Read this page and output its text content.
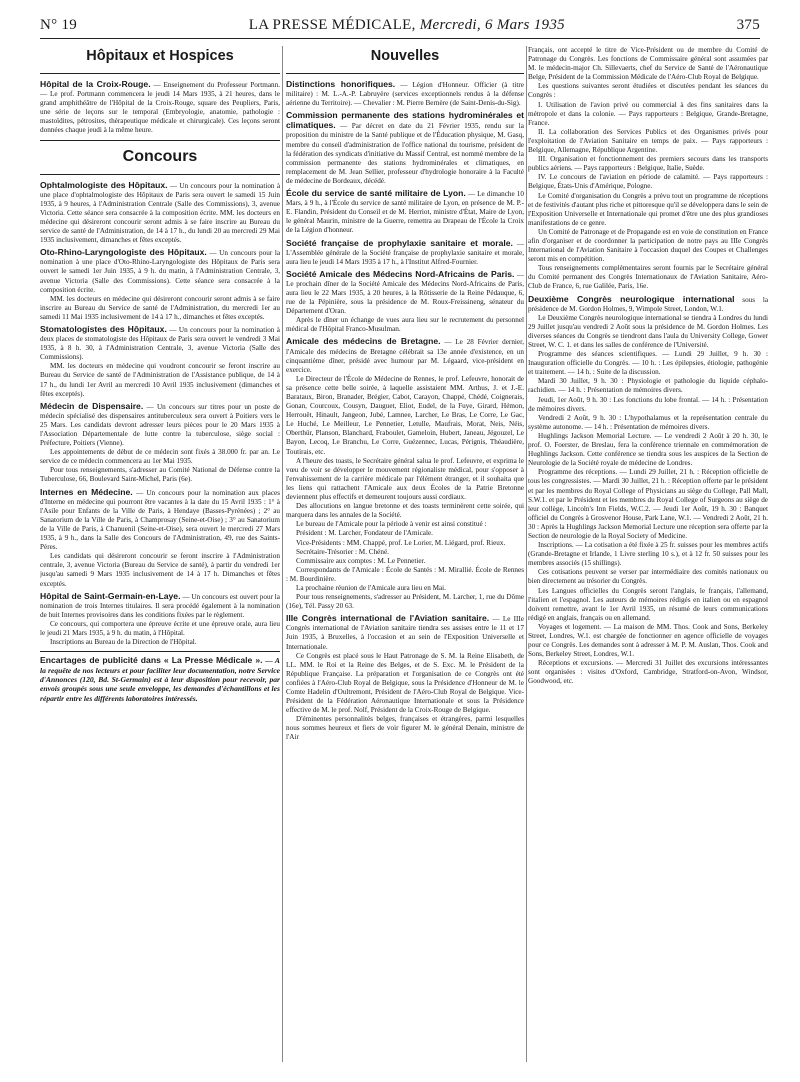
N° 19	LA PRESSE MÉDICALE, Mercredi, 6 Mars 1935	375
Hôpitaux et Hospices

Hôpital de la Croix-Rouge. — Enseignement du Professeur Portmann. — Le prof. Portmann commencera le jeudi 14 Mars 1935, à 21 heures, dans le grand amphithéâtre de l'Hôpital de la Croix-Rouge, square des Peupliers, Paris, une série de leçons sur le temporal (Embryologie, anatomie, pathologie : mastoïdites, pétrosites, thérapeutique médicale et chirurgicale). Ces leçons seront données chaque jeudi à la même heure.

Concours

Ophtalmologiste des Hôpitaux. — Un concours pour la nomination à une place d'ophtalmologiste des Hôpitaux de Paris sera ouvert le samedi 15 Juin 1935, à 9 heures, à l'Administration Centrale (Salle des Commissions), 3, avenue Victoria. Cette séance sera consacrée à la composition écrite. MM. les docteurs en médecine qui désireront concourir seront admis à se faire inscrire au Bureau du service de santé de l'Administration, de 14 à 17 h., du lundi 20 au mercredi 29 Mai 1935 inclusivement, dimanches et fêtes exceptés.

Oto-Rhino-Laryngologiste des Hôpitaux. — Un concours pour la nomination à une place d'Oto-Rhino-Laryngologiste des Hôpitaux de Paris sera ouvert le samedi 1er Juin 1935, à 9 h. du matin, à l'Administration Centrale, 3, avenue Victoria (Salle des Commissions). Cette séance sera consacrée à la composition écrite.

MM. les docteurs en médecine qui désireront concourir seront admis à se faire inscrire au Bureau du Service de santé de l'Administration, du mercredi 1er au samedi 11 Mai 1935 inclusivement de 14 à 17 h., dimanches et fêtes exceptés.

Stomatologistes des Hôpitaux. — Un concours pour la nomination à deux places de stomatologiste des Hôpitaux de Paris sera ouvert le vendredi 3 Mai 1935, à 8 h. 30, à l'Administration Centrale, 3, avenue Victoria (Salle des Commissions).

MM. les docteurs en médecine qui voudront concourir se feront inscrire au Bureau du Service de santé de l'Administration de l'Assistance publique, de 14 à 17 h., du lundi 1er Avril au mercredi 10 Avril 1935 inclusivement (dimanches et fêtes exceptés).

Médecin de Dispensaire. — Un concours sur titres pour un poste de médecin spécialisé des dispensaires antituberculeux sera ouvert à Poitiers vers le 25 Mars. Les candidats devront adresser leurs pièces pour le 20 Mars 1935 à l'Association Départementale de lutte contre la tuberculose, siège social : Préfecture, Poitiers (Vienne).

Les appointements de début de ce médecin sont fixés à 38.000 fr. par an. Le service de ce médecin commencera au 1er Mai 1935.

Pour tous renseignements, s'adresser au Comité National de Défense contre la Tuberculose, 66, Boulevard Saint-Michel, Paris (6e).

Internes en Médecine. — Un concours pour la nomination aux places d'Interne en médecine qui pourront être vacantes à la date du 15 Avril 1935 : 1° à l'Asile pour Enfants de la Ville de Paris, à Hendaye (Basses-Pyrénées) ; 2° au Sanatorium de la Ville de Paris, à Champrosay (Seine-et-Oise) ; 3° au Sanatorium de la Ville de Paris, à Chanuenil (Seine-et-Oise), sera ouvert le mercredi 27 Mars 1935, à 9 h., dans la Salle des Concours de l'Administration, 49, rue des Saints-Pères.

Les candidats qui désireront concourir se feront inscrire à l'Administration centrale, 3, avenue Victoria (Bureau du Service de santé), à partir du vendredi 1er jusqu'au samedi 9 Mars 1935 inclusivement de 14 à 17 h. Dimanches et fêtes exceptés.

Hôpital de Saint-Germain-en-Laye. — Un concours est ouvert pour la nomination de trois Internes titulaires. Il sera procédé également à la nomination de huit Internes provisoires dans les conditions fixées par le règlement.

Ce concours, qui comportera une épreuve écrite et une épreuve orale, aura lieu le jeudi 21 Mars 1935, à 9 h. du matin, à l'Hôpital.

Inscriptions au Bureau de la Direction de l'Hôpital.

Encartages de publicité dans « La Presse Médicale ». — A la requête de nos lecteurs et pour faciliter leur documentation, notre Service d'Annonces (120, Bd. St-Germain) est à leur disposition pour recevoir, par envois groupés sous une seule enveloppe, les demandes d'échantillons et les répartir entre les différents laboratoires intéressés.
Nouvelles

Distinctions honorifiques. — Légion d'Honneur. Officier (à titre militaire) : M. L.-A.-P. Labruyère (services exceptionnels rendus à la défense aérienne du Territoire). — Chevalier : M. Pierre Bernère (de Saint-Denis-du-Sig).

Commission permanente des stations hydrominérales et climatiques. — Par décret en date du 21 Février 1935, rendu sur la proposition du ministre de la Santé publique et de l'Éducation physique, M. Gasq, membre du conseil d'administration de l'office national du tourisme, président de la fédération des syndicats d'initiative du Massif Central, est nommé membre de la commission permanente des stations hydrominérales et climatiques, en remplacement de M. Jean Sellier, professeur d'hydrologie honoraire à la Faculté de médecine de Bordeaux, décédé.

École du service de santé militaire de Lyon. — Le dimanche 10 Mars, à 9 h., à l'École du service de santé militaire de Lyon, en présence de M. P.-E. Flandin, Président du Conseil et de M. Herriot, ministre d'État, Maire de Lyon, le général Maurin, ministre de la Guerre, remettra au Drapeau de l'École la Croix de la Légion d'honneur.

Société française de prophylaxie sanitaire et morale. — L'Assemblée générale de la Société française de prophylaxie sanitaire et morale, aura lieu le jeudi 14 Mars 1935 à 17 h., à l'Institut Alfred-Fournier.

Société Amicale des Médecins Nord-Africains de Paris. — Le prochain dîner de la Société Amicale des Médecins Nord-Africains de Paris, aura lieu le 22 Mars 1935, à 20 heures, à la Rôtisserie de la Reine Pédauque, 6, rue de la Pépinière, sous la présidence de M. Roux-Freissineng, sénateur du Département d'Oran.

Après le dîner un échange de vues aura lieu sur le recrutement du personnel médical de l'Hôpital Franco-Musulman.

Amicale des médecins de Bretagne. — Le 28 Février dernier, l'Amicale des médecins de Bretagne célébrait sa 13e année d'existence, en un cinquantième dîner, présidé avec humour par M. Légaard, vice-président en exercice.

Le Directeur de l'École de Médecine de Rennes, le prof. Lefeuvre, honorait de sa présence cette belle soirée, à laquelle assistaient MM. Arthus, J. et J.-E. Barataux, Biron, Branader, Brégier, Cabot, Carayon, Chappé, Chédé, Coignerais, Gonan, Courcoux, Cousyn, Dauguet, Eliot, Eudel, de la Fuye, Girard, Hémon, Herrouët, Hinault, Jangeon, Jubé, Lamnee, Larcher, Le Bras, Le Corre, Le Gac, Le Huché, Le Meilleur, Le Pennetier, Letulle, Maufrais, Morat, Neis, Néis, Oberthür, Planson, Blanchard, Fraboulet, Gameloin, Hubert, Janeau, Jégouzel, Le Bayon, Lecoq, Le Branchu, Le Corre, Guézennec, Lucas, Pérignis, Théaudière, Toutirais, etc.

A l'heure des toasts, le Secrétaire général salua le prof. Lefeuvre, et exprima le vœu de voir se développer le mouvement régionaliste médical, pour s'opposer à l'envahissement de la carrière médicale par l'élément étranger, et il souhaita que les liens qui rattachent l'Amicale aux deux Écoles de la Patrie Bretonne deviennent plus effectifs et demeurent toujours aussi cordiaux.

Des allocutions en langue bretonne et des toasts terminèrent cette soirée, qui marquera dans les annales de la Société.

Le bureau de l'Amicale pour la période à venir est ainsi constitué :

Président : M. Larcher, Fondateur de l'Amicale.

Vice-Présidents : MM. Chappé, prof. Le Lorier, M. Liégard, prof. Rieux.

Secrétaire-Trésorier : M. Chéné.

Commissaire aux comptes : M. Le Pennetier.

Correspondants de l'Amicale : École de Santés : M. Mirallié. École de Rennes : M. Bourdinière.

La prochaine réunion de l'Amicale aura lieu en Mai.

Pour tous renseignements, s'adresser au Président, M. Larcher, 1, rue du Dôme (16e), Tél. Passy 20 63.

IIIe Congrès international de l'Aviation sanitaire. — Le IIIe Congrès international de l'Aviation sanitaire tiendra ses assises entre le 11 et 17 Juin 1935, à Bruxelles, à l'occasion et au sein de l'Exposition Universelle et Internationale.

Ce Congrès est placé sous le Haut Patronage de S. M. la Reine Elisabeth, de LL. MM. le Roi et la Reine des Belges, et de S. Exc. M. le Président de la République Française. La préparation et l'organisation de ce Congrès ont été confiées à l'Aéro-Club Royal de Belgique, sous la Présidence d'Honneur de M. le Comte Hadelin d'Oultremont, Président de l'Aéro-Club Royal de Belgique. Vice-Président de la Fédération Aéronautique Internationale et sous la Présidence effective de M. le prof. Nolf, Président de la Croix-Rouge de Belgique.

D'éminentes personnalités belges, françaises et étrangères, parmi lesquelles nous sommes heureux et fiers de voir figurer M. le général Denain, ministre de l'Air

Français, ont accepté le titre de Vice-Président ou de membre du Comité de Patronage du Congrès. Les fonctions de Commissaire général sont assumées par M. le médecin-major Ch. Sillevaerts, chef du Service de Santé de l'Aéronautique Belge, Président de la Commission Médicale de l'Aéro-Club Royal de Belgique.

Les questions suivantes seront étudiées et discutées pendant les séances du Congrès :

I. Utilisation de l'avion privé ou commercial à des fins sanitaires dans la métropole et dans la colonie. — Pays rapporteurs : Belgique, Grande-Bretagne, France.

II. La collaboration des Services Publics et des Organismes privés pour l'exploitation de l'Aviation Sanitaire en temps de paix. — Pays rapporteurs : Belgique, Allemagne, République Argentine.

III. Organisation et fonctionnement des premiers secours dans les transports publics aériens. — Pays rapporteurs : Belgique, Italie, Suède.

IV. Le concours de l'aviation en période de calamité. — Pays rapporteurs : Belgique, États-Unis d'Amérique, Pologne.

Le Comité d'organisation du Congrès a prévu tout un programme de réceptions et de festivités d'autant plus riche et pittoresque qu'il se développera dans le sein de l'Exposition Universelle et Internationale qui promet d'être une des plus grandioses manifestations de ce genre.

Un Comité de Patronage et de Propagande est en voie de constitution en France afin d'organiser et de coordonner la participation de notre pays au IIIe Congrès International de l'Aviation Sanitaire à l'occasion duquel des Coupes et Challenges seront mis en compétition.

Tous renseignements complémentaires seront fournis par le Secrétaire général du Comité permanent des Congrès Internationaux de l'Aviation Sanitaire, Aéro-Club de France, 6, rue Galilée, Paris, 16e.

Deuxième Congrès neurologique international sous la présidence de M. Gordon Holmes, 9, Wimpole Street, London, W.1.

Le Deuxième Congrès neurologique international se tiendra à Londres du lundi 29 Juillet jusqu'au vendredi 2 Août sous la présidence de M. Gordon Holmes. Les diverses séances du Congrès se tiendront dans l'aula du University College, Gower Street, W. C. 1. et dans les salles de conférence de l'Université.

Programme des séances scientifiques. — Lundi 29 Juillet, 9 h. 30 : Inauguration officielle du Congrès. — 10 h. : Les épilepsies, étiologie, pathogénie et traitement. — 14 h. : Suite de la discussion.

Mardi 30 Juillet, 9 h. 30 : Physiologie et pathologie du liquide céphalo-rachidien. — 14 h. : Présentation de mémoires divers.

Jeudi, 1er Août, 9 h. 30 : Les fonctions du lobe frontal. — 14 h. : Présentation de mémoires divers.

Vendredi 2 Août, 9 h. 30 : L'hypothalamus et la représentation centrale du système autonome. — 14 h. : Présentation de mémoires divers.

Hughlings Jackson Memorial Lecture. — Le vendredi 2 Août à 20 h. 30, le prof. O. Foerster, de Breslau, fera la conférence triennale en commémoration de Hughlings Jackson. Cette conférence se tiendra sous les auspices de la Section de Neurologie de la Société royale de médecine de Londres.

Programme des réceptions. — Lundi 29 Juillet, 21 h. : Réception officielle de tous les congressistes. — Mardi 30 Juillet, 21 h. : Réception offerte par le président et par les membres du Royal College of Physicians au siège du College, Pall Mall, S.W.1. et par le Président et les membres du Royal College of Surgeons au siège de leur collège, Lincoln's Inn Fields, W.C.2. — Jeudi 1er Août, 19 h. 30 : Banquet officiel du Congrès à Grosvenor House, Park Lane, W.1. — Vendredi 2 Août, 21 h. 30 : Après la Hughlings Jackson Memorial Lecture une réception sera offerte par la Section de neurologie de la Royal Society of Medicine.

Inscriptions. — La cotisation a été fixée à 25 fr. suisses pour les membres actifs (Grande-Bretagne et Irlande, 1 Livre sterling 10 s.), et à 12 fr. 50 suisses pour les membres associés (15 shillings).

Ces cotisations peuvent se verser par intermédiaire des comités nationaux ou bien directement au trésorier du Congrès.

Les Langues officielles du Congrès seront l'anglais, le français, l'allemand, l'italien et l'espagnol. Les auteurs de mémoires rédigés en italien ou en espagnol doivent remettre, avant le 1er Avril 1935, un résumé de leurs communications rédigé en anglais, français ou en allemand.

Voyages et logement. — La maison de MM. Thos. Cook and Sons, Berkeley Street, Londres, W.1. est chargée de fonctionner en agence officielle de voyages pour ce Congrès. Les demandes sont à adresser à M. P. M. Auslan, Thos. Cook and Sons, Berkeley Street, Londres, W.1.

Réceptions et excursions. — Mercredi 31 Juillet des excursions intéressantes sont organisées : visites d'Oxford, Cambridge, Stratford-on-Avon, Windsor, Goodwood, etc.
